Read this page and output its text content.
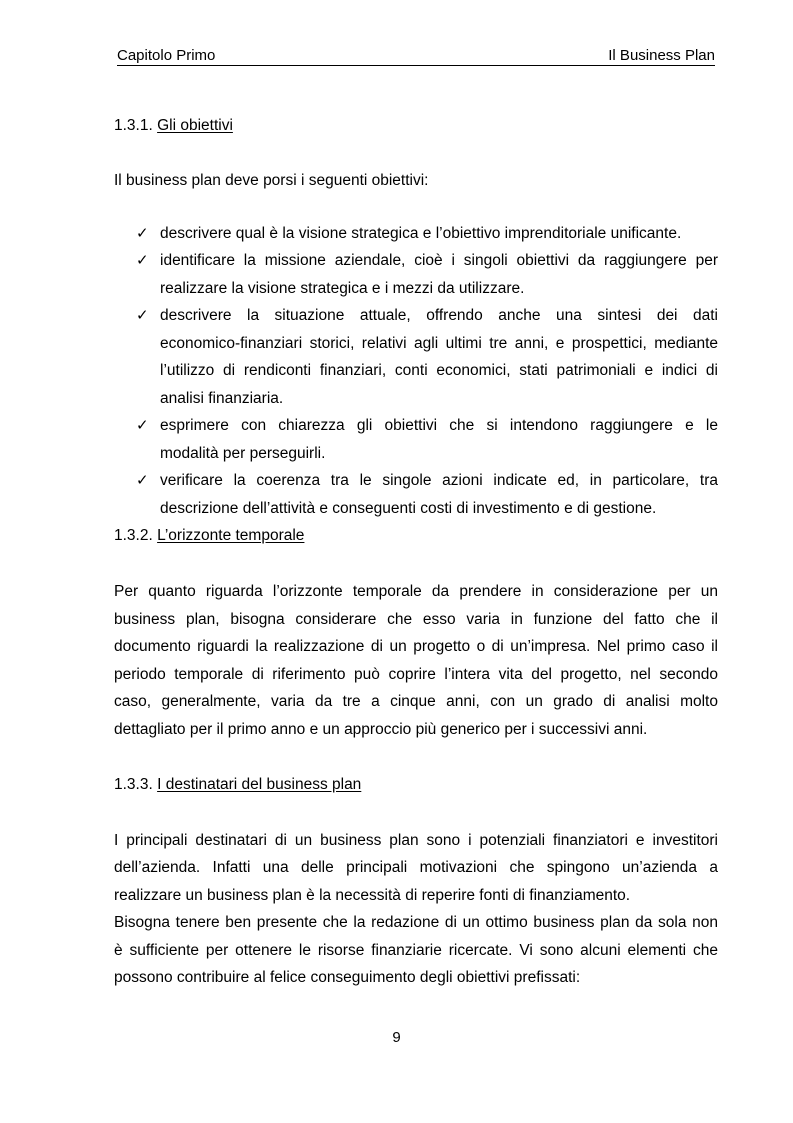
Capitolo Primo	Il Business Plan
1.3.1. Gli obiettivi
Il business plan deve porsi i seguenti obiettivi:
✓ descrivere qual è la visione strategica e l’obiettivo imprenditoriale unificante.
✓ identificare la missione aziendale, cioè i singoli obiettivi da raggiungere per
realizzare la visione strategica e i mezzi da utilizzare.
✓ descrivere la situazione attuale, offrendo anche una sintesi dei dati
economico-finanziari storici, relativi agli ultimi tre anni, e prospettici, mediante
l’utilizzo di rendiconti finanziari, conti economici, stati patrimoniali e indici di
analisi finanziaria.
✓ esprimere con chiarezza gli obiettivi che si intendono raggiungere e le
modalità per perseguirli.
✓ verificare la coerenza tra le singole azioni indicate ed, in particolare, tra
descrizione dell’attività e conseguenti costi di investimento e di gestione.
1.3.2. L’orizzonte temporale
Per quanto riguarda l’orizzonte temporale da prendere in considerazione per un
business plan, bisogna considerare che esso varia in funzione del fatto che il
documento riguardi la realizzazione di un progetto o di un’impresa. Nel primo caso il
periodo temporale di riferimento può coprire l’intera vita del progetto, nel secondo
caso, generalmente, varia da tre a cinque anni, con un grado di analisi molto
dettagliato per il primo anno e un approccio più generico per i successivi anni.
1.3.3. I destinatari del business plan
I principali destinatari di un business plan sono i potenziali finanziatori e investitori
dell’azienda. Infatti una delle principali motivazioni che spingono un’azienda a
realizzare un business plan è la necessità di reperire fonti di finanziamento.
Bisogna tenere ben presente che la redazione di un ottimo business plan da sola non
è sufficiente per ottenere le risorse finanziarie ricercate. Vi sono alcuni elementi che
possono contribuire al felice conseguimento degli obiettivi prefissati:
9
